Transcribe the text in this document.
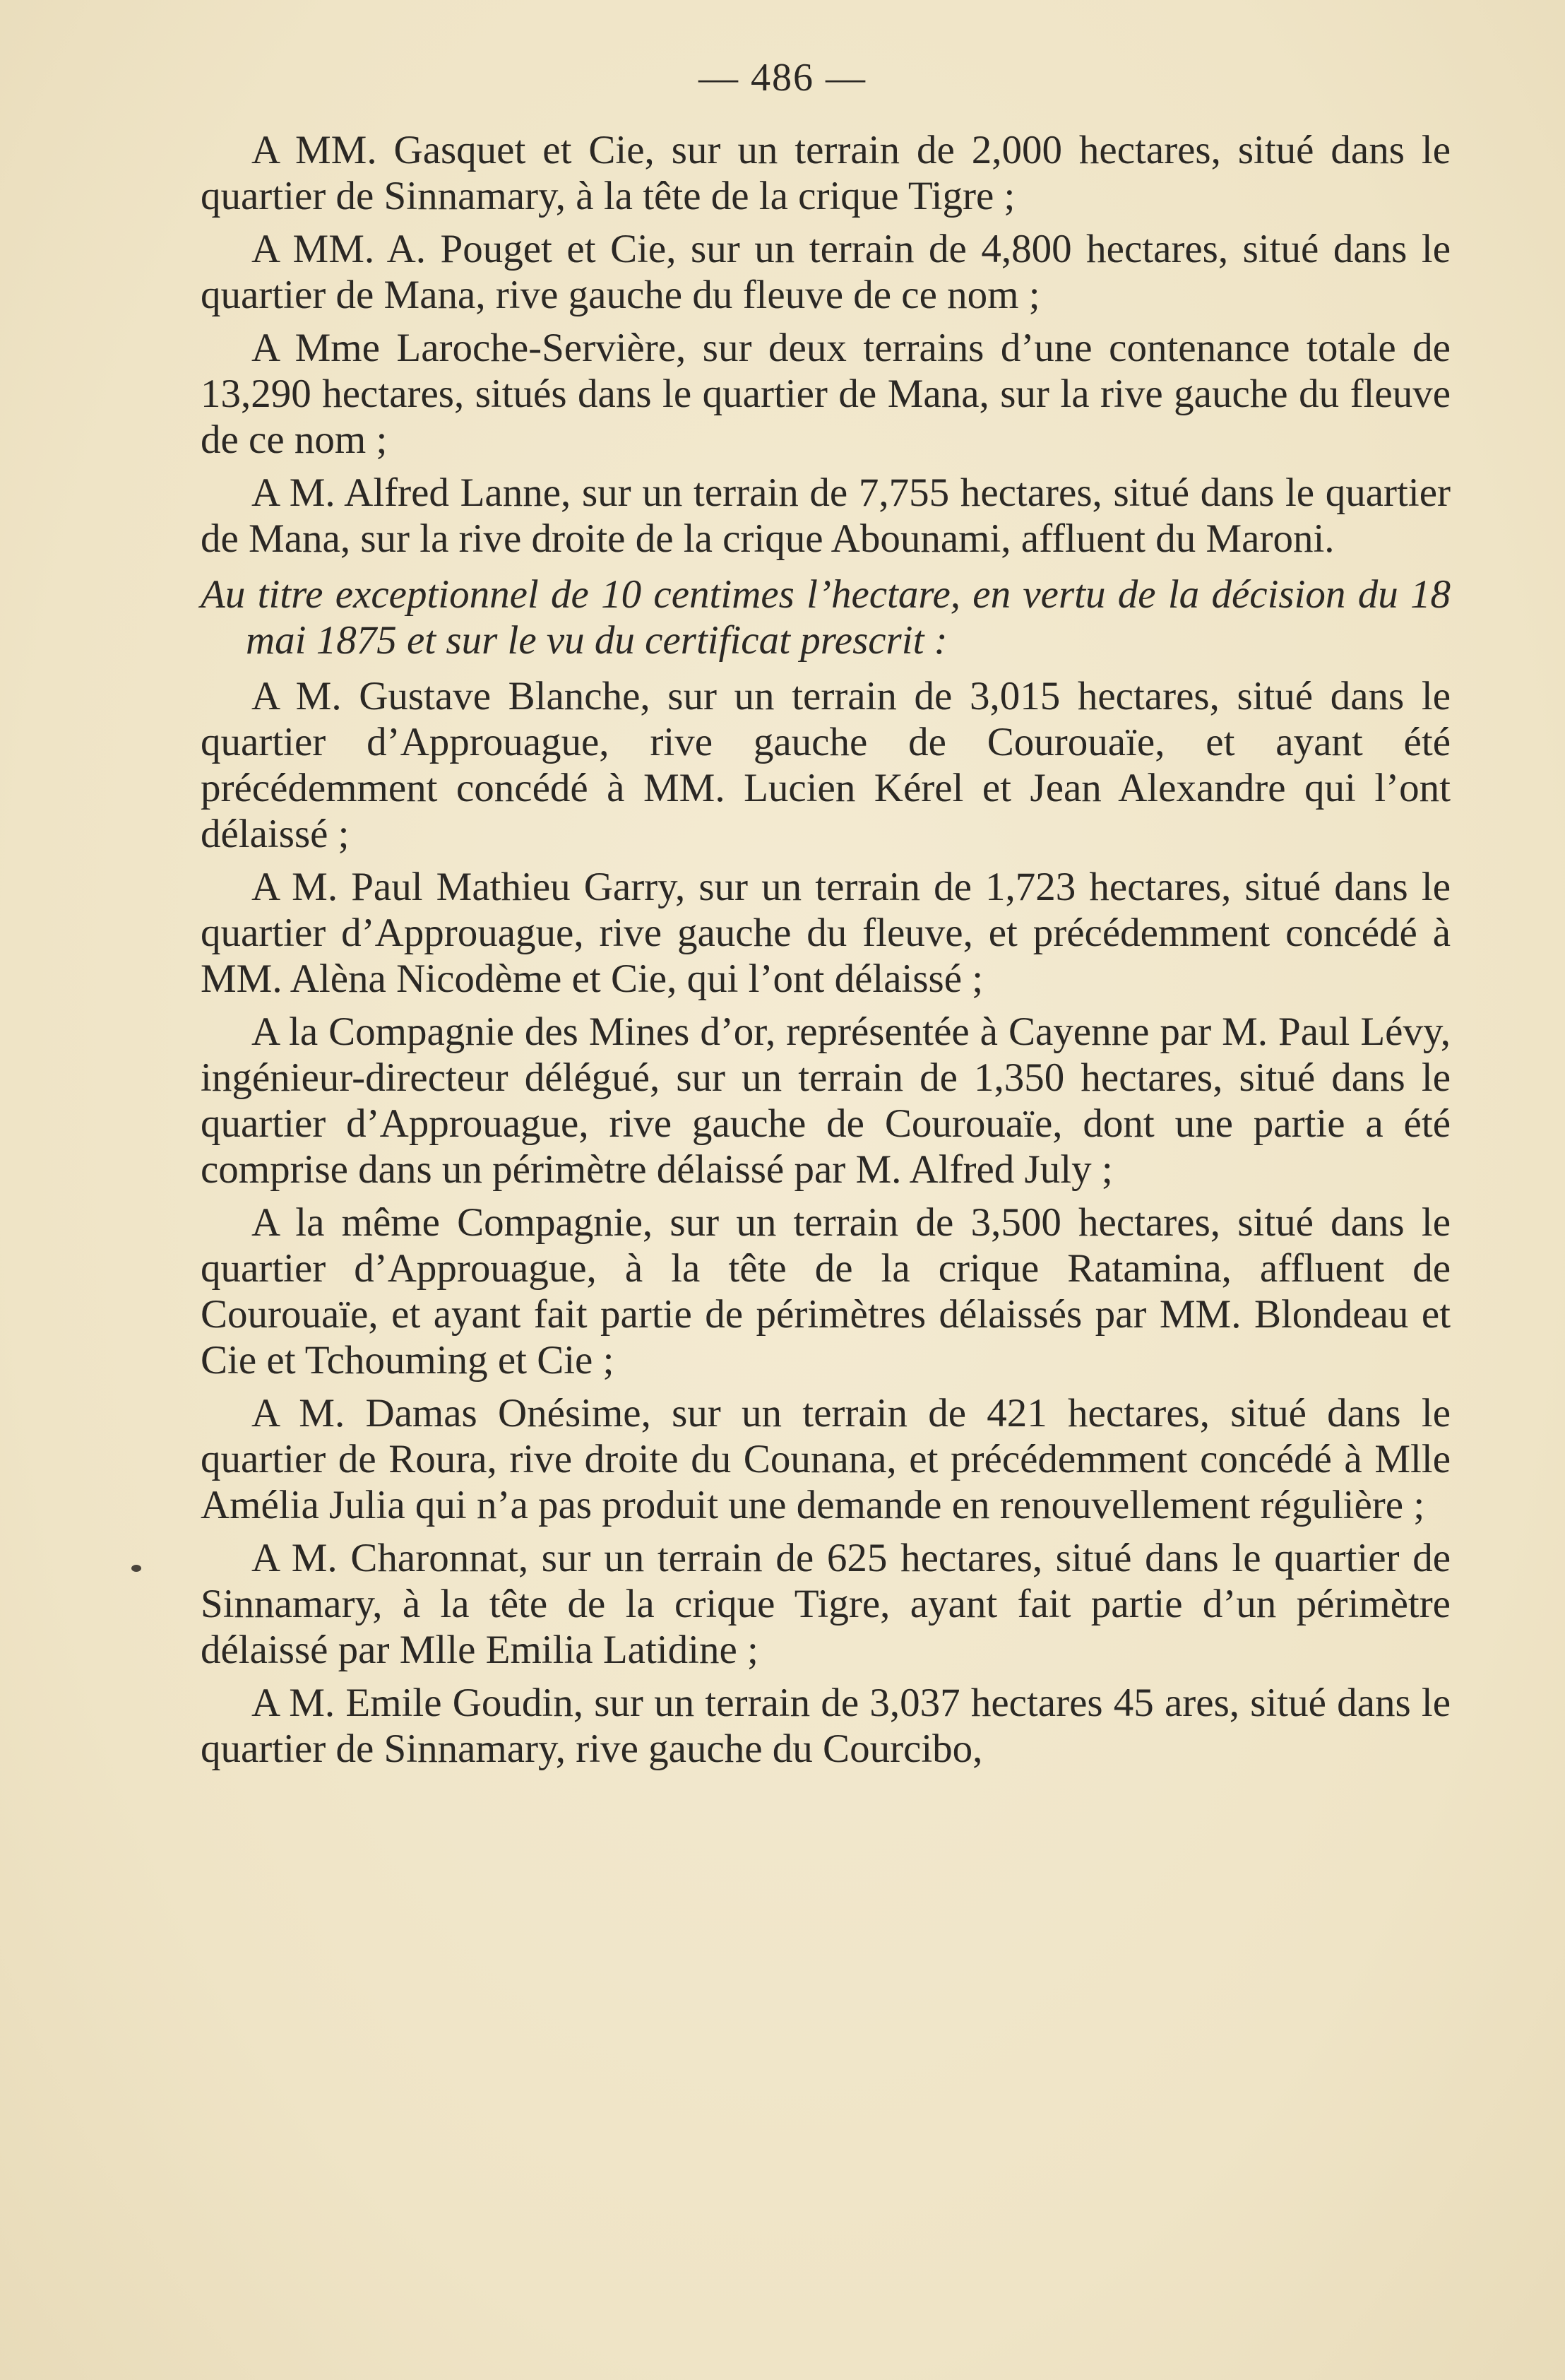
— 486 —

A MM. Gasquet et Cie, sur un terrain de 2,000 hectares, situé dans le quartier de Sinnamary, à la tête de la crique Tigre ;

A MM. A. Pouget et Cie, sur un terrain de 4,800 hectares, situé dans le quartier de Mana, rive gauche du fleuve de ce nom ;

A Mme Laroche-Servière, sur deux terrains d’une contenance totale de 13,290 hectares, situés dans le quartier de Mana, sur la rive gauche du fleuve de ce nom ;

A M. Alfred Lanne, sur un terrain de 7,755 hectares, situé dans le quartier de Mana, sur la rive droite de la crique Abounami, affluent du Maroni.

Au titre exceptionnel de 10 centimes l’hectare, en vertu de la décision du 18 mai 1875 et sur le vu du certificat prescrit :

A M. Gustave Blanche, sur un terrain de 3,015 hectares, situé dans le quartier d’Approuague, rive gauche de Courouaïe, et ayant été précédemment concédé à MM. Lucien Kérel et Jean Alexandre qui l’ont délaissé ;

A M. Paul Mathieu Garry, sur un terrain de 1,723 hectares, situé dans le quartier d’Approuague, rive gauche du fleuve, et précédemment concédé à MM. Alèna Nicodème et Cie, qui l’ont délaissé ;

A la Compagnie des Mines d’or, représentée à Cayenne par M. Paul Lévy, ingénieur-directeur délégué, sur un terrain de 1,350 hectares, situé dans le quartier d’Approuague, rive gauche de Courouaïe, dont une partie a été comprise dans un périmètre délaissé par M. Alfred July ;

A la même Compagnie, sur un terrain de 3,500 hectares, situé dans le quartier d’Approuague, à la tête de la crique Ratamina, affluent de Courouaïe, et ayant fait partie de périmètres délaissés par MM. Blondeau et Cie et Tchouming et Cie ;

A M. Damas Onésime, sur un terrain de 421 hectares, situé dans le quartier de Roura, rive droite du Counana, et précédemment concédé à Mlle Amélia Julia qui n’a pas produit une demande en renouvellement régulière ;

A M. Charonnat, sur un terrain de 625 hectares, situé dans le quartier de Sinnamary, à la tête de la crique Tigre, ayant fait partie d’un périmètre délaissé par Mlle Emilia Latidine ;

A M. Emile Goudin, sur un terrain de 3,037 hectares 45 ares, situé dans le quartier de Sinnamary, rive gauche du Courcibo,
